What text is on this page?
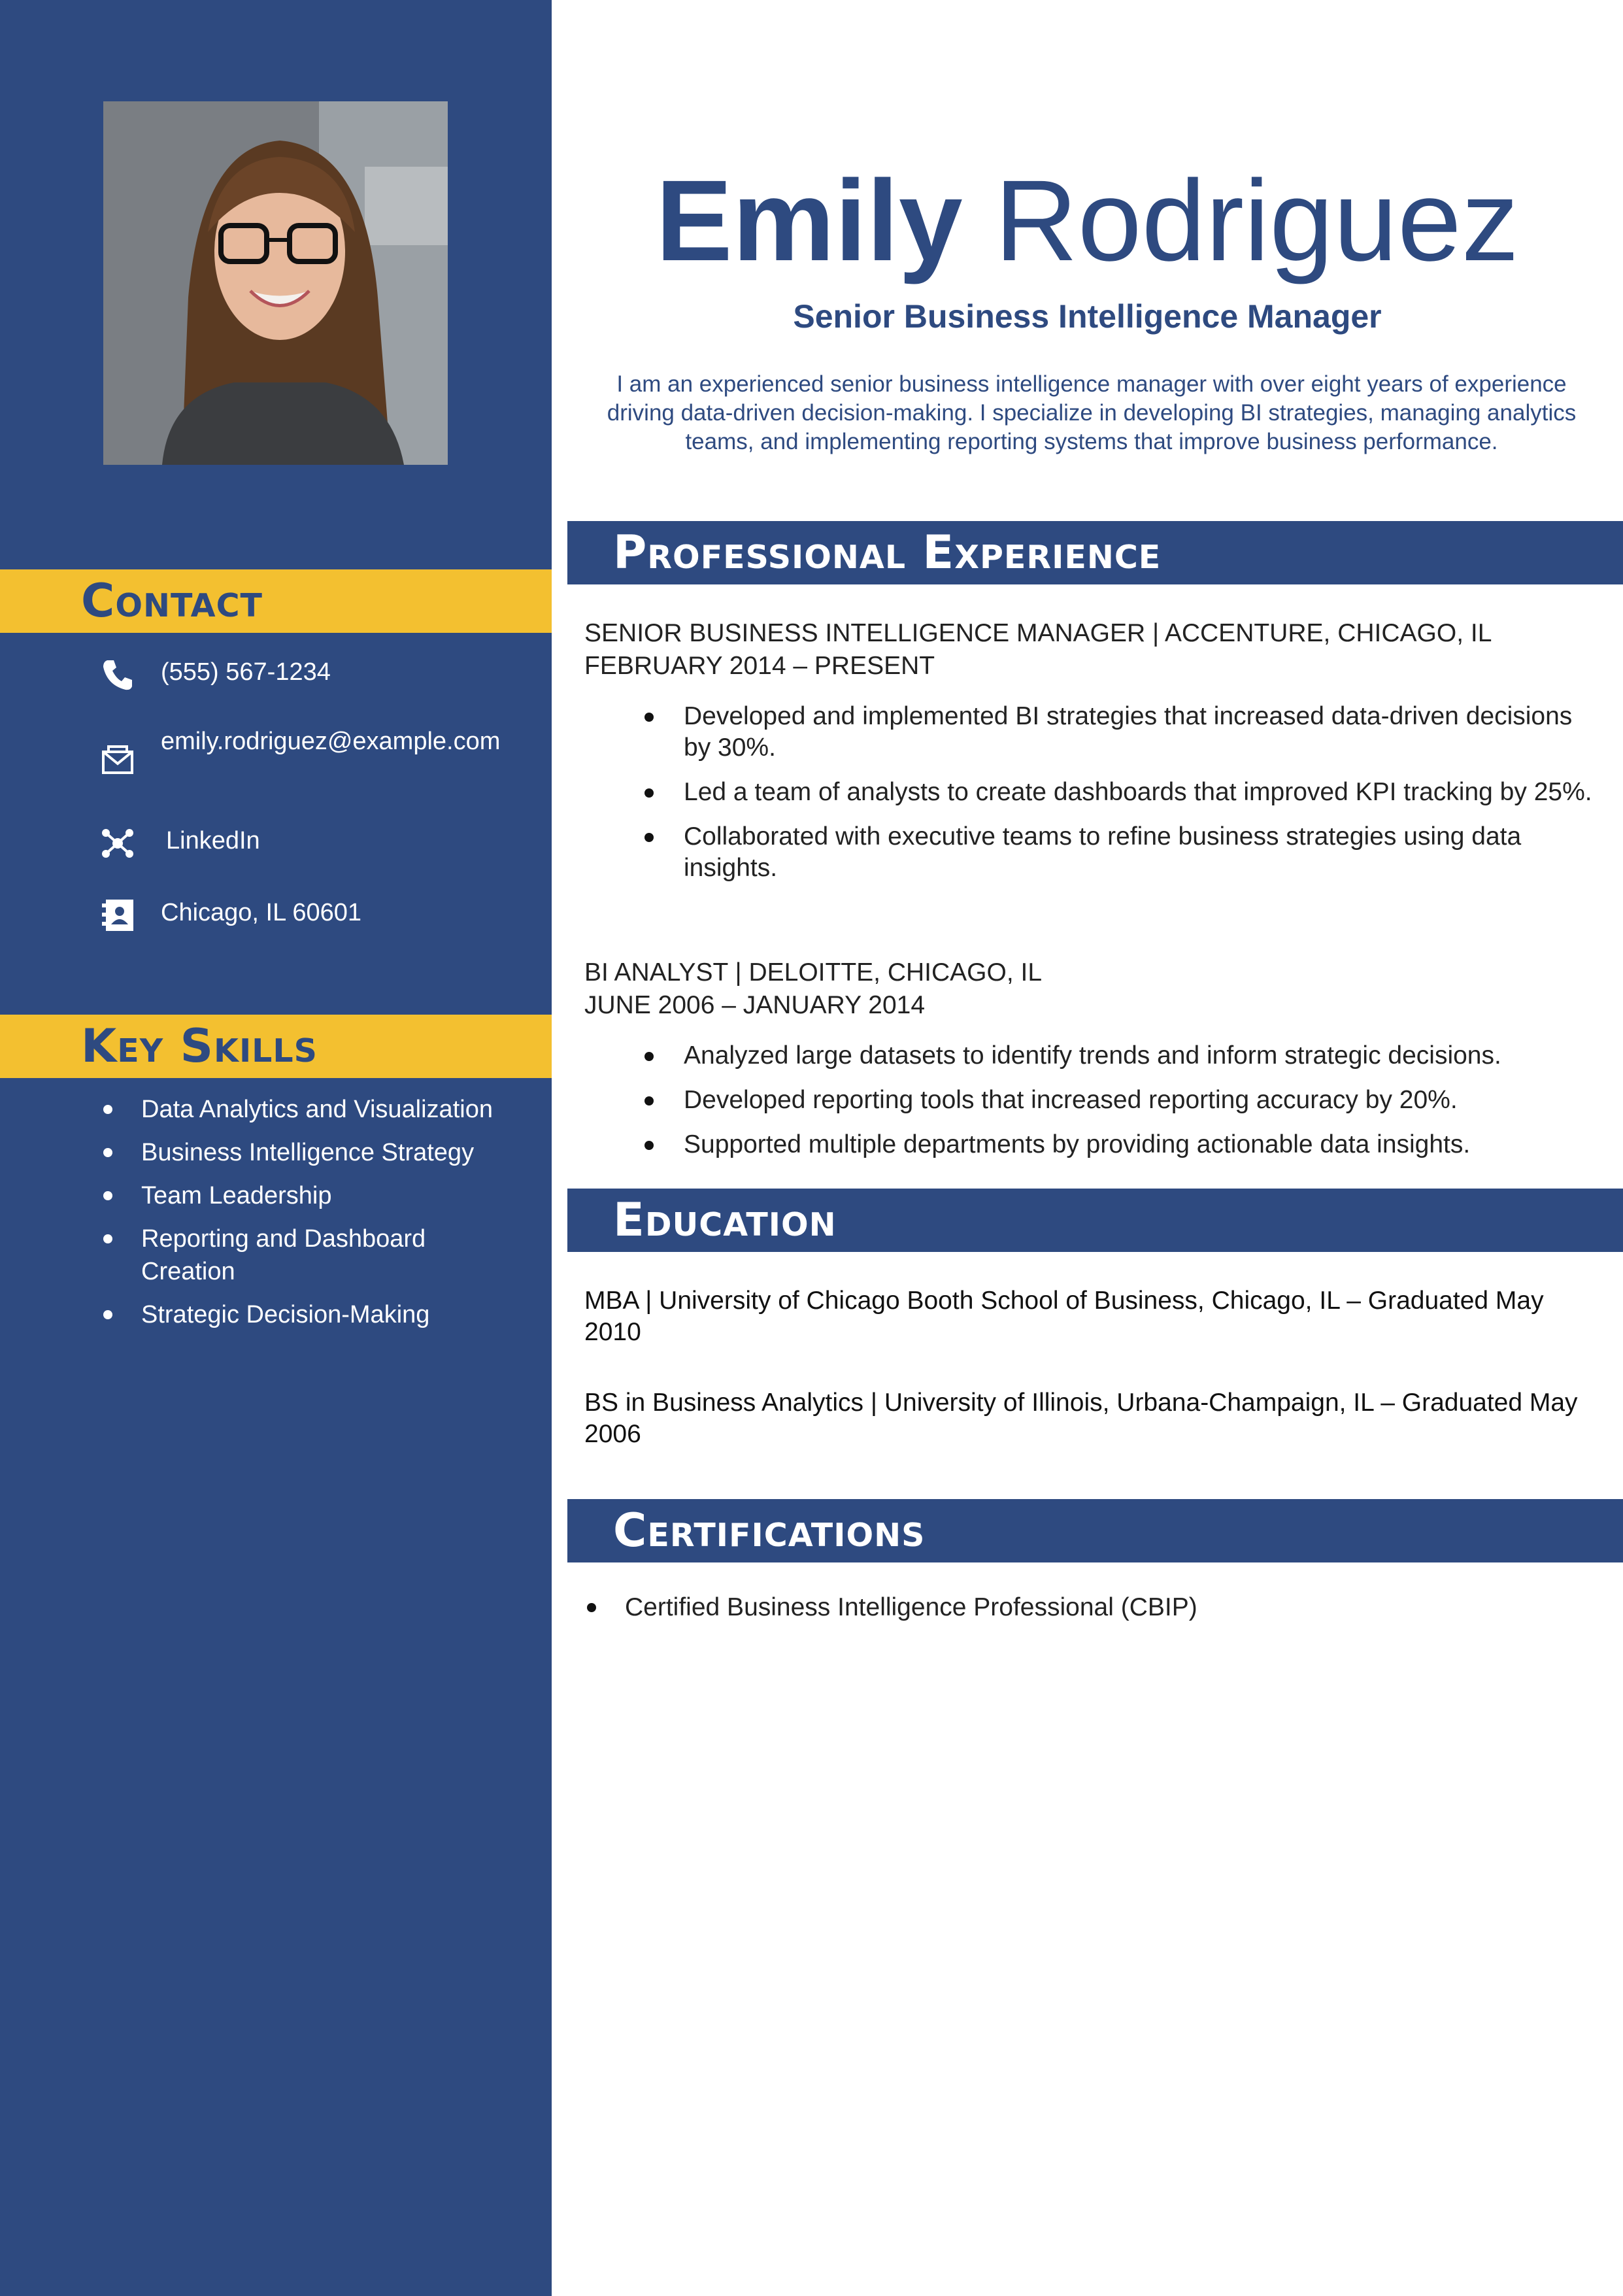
Contact
(555) 567-1234
emily.rodriguez@example.com
LinkedIn
Chicago, IL 60601
Key Skills
Data Analytics and Visualization
Business Intelligence Strategy
Team Leadership
Reporting and Dashboard Creation
Strategic Decision-Making
Emily Rodriguez
Senior Business Intelligence Manager

I am an experienced senior business intelligence manager with over eight years of experience driving data-driven decision-making. I specialize in developing BI strategies, managing analytics teams, and implementing reporting systems that improve business performance.

Professional Experience
SENIOR BUSINESS INTELLIGENCE MANAGER | ACCENTURE, CHICAGO, IL
FEBRUARY 2014 – PRESENT
Developed and implemented BI strategies that increased data-driven decisions by 30%.
Led a team of analysts to create dashboards that improved KPI tracking by 25%.
Collaborated with executive teams to refine business strategies using data insights.
BI ANALYST | DELOITTE, CHICAGO, IL
JUNE 2006 – JANUARY 2014
Analyzed large datasets to identify trends and inform strategic decisions.
Developed reporting tools that increased reporting accuracy by 20%.
Supported multiple departments by providing actionable data insights.
Education
MBA | University of Chicago Booth School of Business, Chicago, IL – Graduated May 2010
BS in Business Analytics | University of Illinois, Urbana-Champaign, IL – Graduated May 2006
Certifications
Certified Business Intelligence Professional (CBIP)
